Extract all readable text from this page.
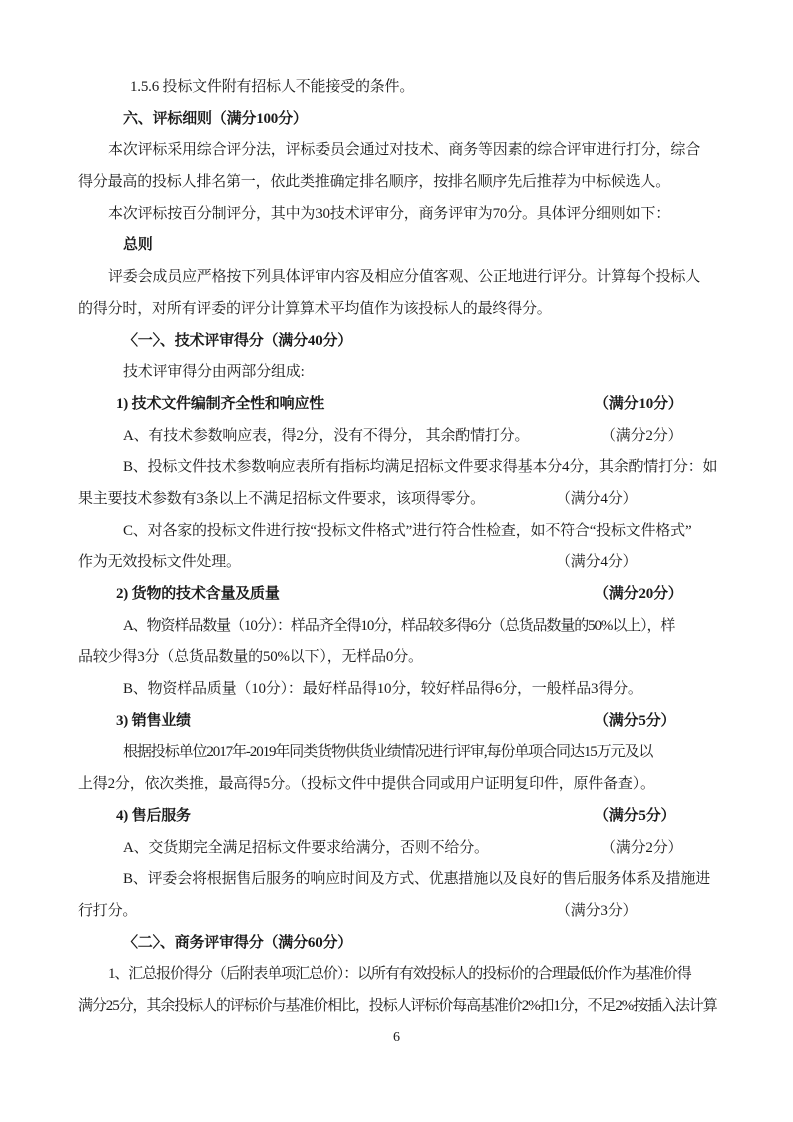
1.5.6 投标文件附有招标人不能接受的条件。

六、评标细则（满分100分）

本次评标采用综合评分法，评标委员会通过对技术、商务等因素的综合评审进行打分，综合

得分最高的投标人排名第一，依此类推确定排名顺序，按排名顺序先后推荐为中标候选人。

本次评标按百分制评分，其中为30技术评审分，商务评审为70分。具体评分细则如下：

总则

评委会成员应严格按下列具体评审内容及相应分值客观、公正地进行评分。计算每个投标人

的得分时，对所有评委的评分计算算术平均值作为该投标人的最终得分。

〈一〉、技术评审得分（满分40分）

技术评审得分由两部分组成:

1) 技术文件编制齐全性和响应性	（满分10分）

A、有技术参数响应表，得2分，没有不得分， 其余酌情打分。	（满分2分）

B、投标文件技术参数响应表所有指标均满足招标文件要求得基本分4分，其余酌情打分：如

果主要技术参数有3条以上不满足招标文件要求，该项得零分。	（满分4分）

C、对各家的投标文件进行按“投标文件格式”进行符合性检查，如不符合“投标文件格式”

作为无效投标文件处理。	（满分4分）

2) 货物的技术含量及质量	（满分20分）

A、物资样品数量（10分）：样品齐全得10分，样品较多得6分（总货品数量的50%以上），样

品较少得3分（总货品数量的50%以下），无样品0分。

B、物资样品质量（10分）：最好样品得10分，较好样品得6分，一般样品3得分。

3) 销售业绩	（满分5分）

根据投标单位2017年-2019年同类货物供货业绩情况进行评审,每份单项合同达15万元及以

上得2分，依次类推，最高得5分。（投标文件中提供合同或用户证明复印件，原件备查）。

4) 售后服务	（满分5分）

A、交货期完全满足招标文件要求给满分，否则不给分。	（满分2分）

B、评委会将根据售后服务的响应时间及方式、优惠措施以及良好的售后服务体系及措施进

行打分。	（满分3分）

〈二〉、商务评审得分（满分60分）

1、汇总报价得分（后附表单项汇总价）：以所有有效投标人的投标价的合理最低价作为基准价得

满分25分，其余投标人的评标价与基准价相比，投标人评标价每高基准价2%扣1分，不足2%按插入法计算

6
